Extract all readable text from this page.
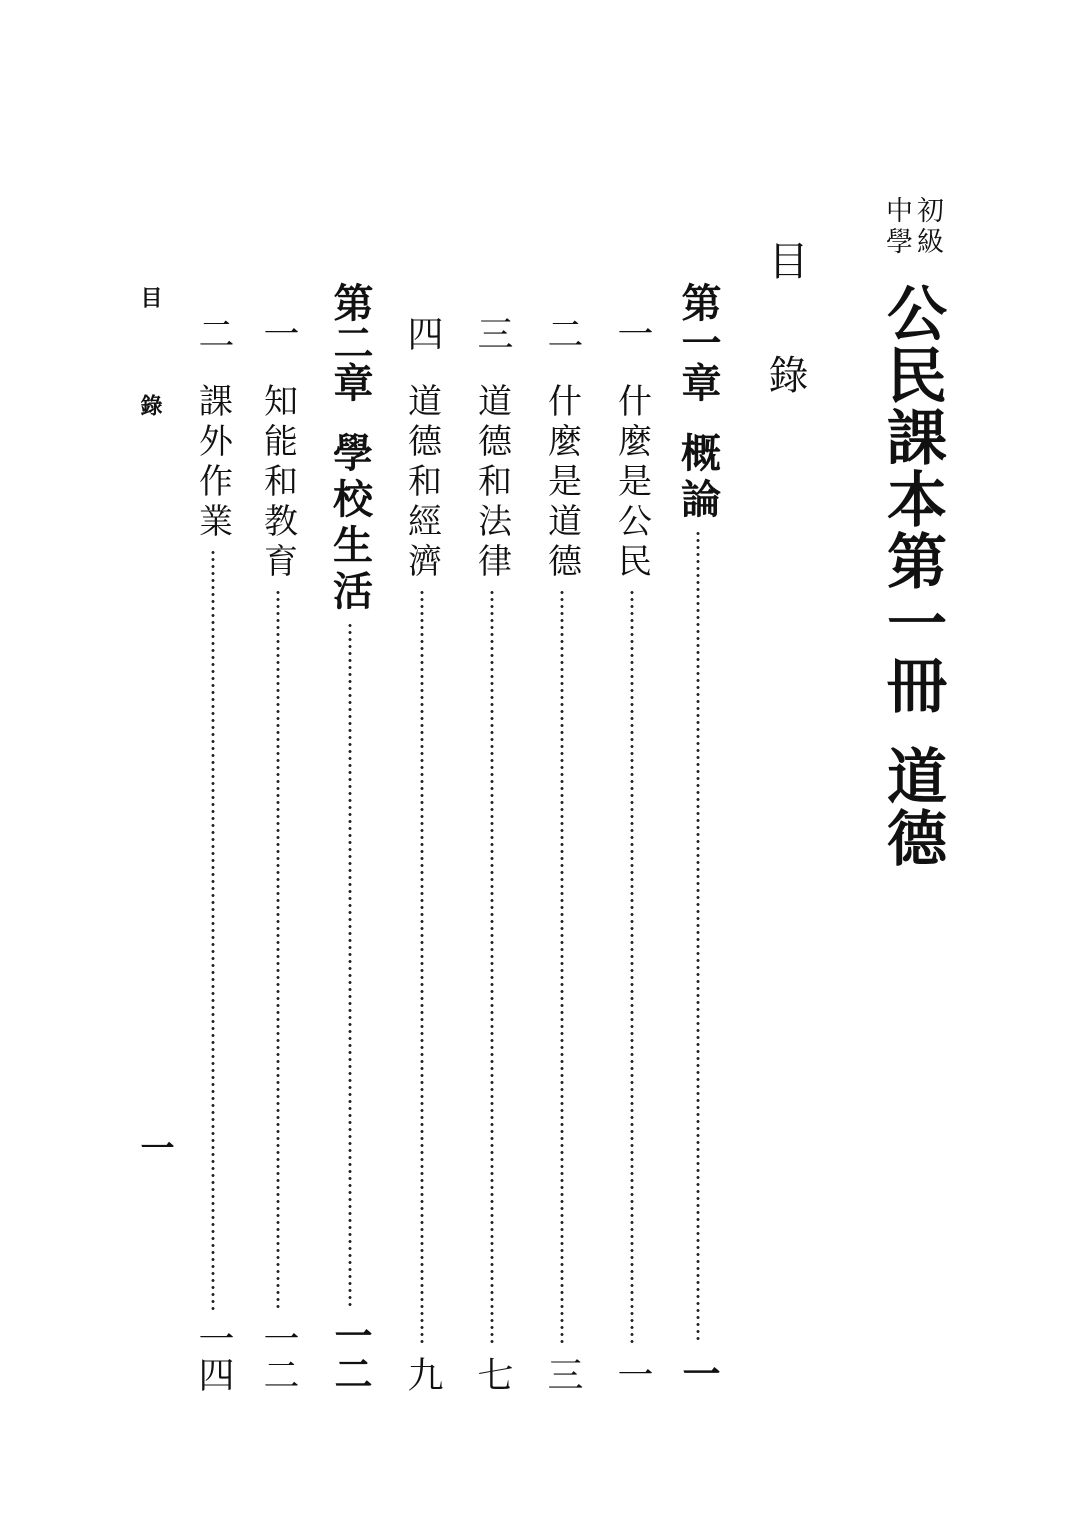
中學 初級
公民課本第一冊
道德
目 錄
第一章
概論
一
一
什麼是公民
一
二
什麼是道德
三
三
道德和法律
七
四
道德和經濟
九
第二章
學校生活
一二
一
知能和教育
一二
二
課外作業
一四
目 錄
一
